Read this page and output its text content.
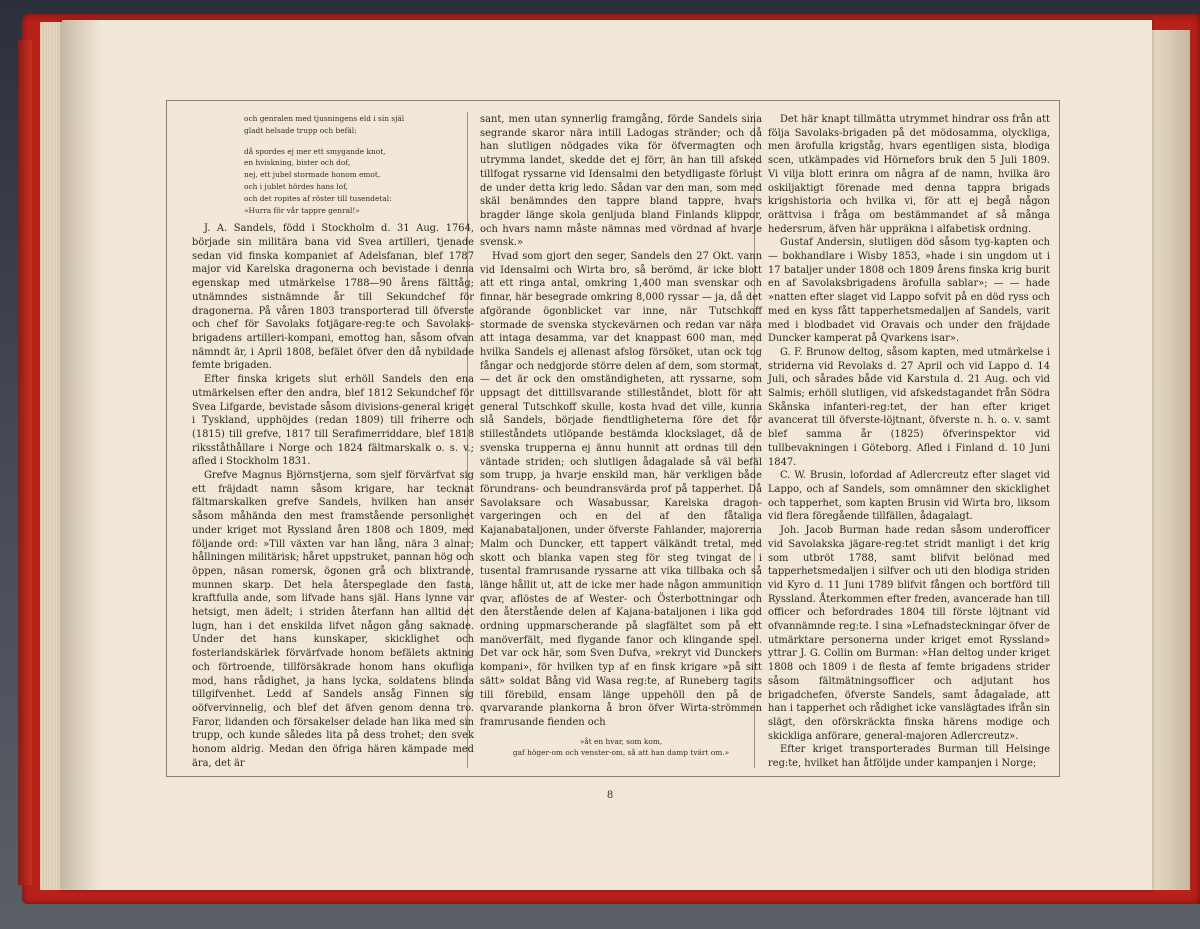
och genralen med tjusningens eld i sin själ
gladt helsade trupp och befäl;
då spordes ej mer ett smygande knot,
en hviskning, bister och dof,
nej, ett jubel stormade honom emot,
och i jublet hördes hans lof,
och det ropites af röster till tusendetal:
»Hurra för vår tappre genral!»

J. A. Sandels, född i Stockholm d. 31 Aug. 1764, började sin militära bana vid Svea artilleri, tjenade sedan vid finska kompaniet af Adelsfanan, blef 1787 major vid Karelska dragonerna och bevistade i denna egenskap med utmärkelse 1788—90 årens fälttåg; utnämndes sistnämnde år till Sekundchef för dragonerna. På våren 1803 transporterad till öfverste och chef för Savolaks fotjägare-reg:te och Savolaks-brigadens artilleri-kompani, emottog han, såsom ofvan nämndt är, i April 1808, befälet öfver den då nybildade femte brigaden.

Efter finska krigets slut erhöll Sandels den ena utmärkelsen efter den andra, blef 1812 Sekundchef för Svea Lifgarde, bevistade såsom divisions-general kriget i Tyskland, upphöjdes (redan 1809) till friherre och (1815) till grefve, 1817 till Serafimerriddare, blef 1818 riksståthållare i Norge och 1824 fältmarskalk o. s. v.; afled i Stockholm 1831.

Grefve Magnus Björnstjerna, som sjelf förvärfvat sig ett fräjdadt namn såsom krigare, har tecknat fältmarskalken grefve Sandels, hvilken han anser såsom måhända den mest framstående personlighet under kriget mot Ryssland åren 1808 och 1809, med följande ord: »Till växten var han lång, nära 3 alnar; hållningen militärisk; håret uppstruket, pannan hög och öppen, näsan romersk, ögonen grå och blixtrande, munnen skarp. Det hela återspeglade den fasta, kraftfulla ande, som lifvade hans själ. Hans lynne var hetsigt, men ädelt; i striden återfann han alltid det lugn, han i det enskilda lifvet någon gång saknade. Under det hans kunskaper, skicklighet och fosterlandskärlek förvärfvade honom befälets aktning och förtroende, tillförsäkrade honom hans okufliga mod, hans rådighet, ja hans lycka, soldatens blinda tillgifvenhet. Ledd af Sandels ansåg Finnen sig oöfvervinnelig, och blef det äfven genom denna tro. Faror, lidanden och försakelser delade han lika med sin trupp, och kunde således lita på dess trohet; den svek honom aldrig. Medan den öfriga hären kämpade med ära, det är

sant, men utan synnerlig framgång, förde Sandels sina segrande skaror nära intill Ladogas stränder; och då han slutligen nödgades vika för öfvermagten och utrymma landet, skedde det ej förr, än han till afsked tillfogat ryssarne vid Idensalmi den betydligaste förlust de under detta krig ledo. Sådan var den man, som med skäl benämndes den tappre bland tappre, hvars bragder länge skola genljuda bland Finlands klippor, och hvars namn måste nämnas med vördnad af hvarje svensk.»

Hvad som gjort den seger, Sandels den 27 Okt. vann vid Idensalmi och Wirta bro, så berömd, är icke blott att ett ringa antal, omkring 1,400 man svenskar och finnar, här besegrade omkring 8,000 ryssar — ja, då det afgörande ögonblicket var inne, när Tutschkoff stormade de svenska styckevärnen och redan var nära att intaga desamma, var det knappast 600 man, med hvilka Sandels ej allenast afslog försöket, utan ock tog fångar och nedgjorde större delen af dem, som stormat, — det är ock den omständigheten, att ryssarne, som uppsagt det dittillsvarande stilleståndet, blott för att general Tutschkoff skulle, kosta hvad det ville, kunna slå Sandels, började fiendtligheterna före det för stilleståndets utlöpande bestämda klockslaget, då de svenska trupperna ej ännu hunnit att ordnas till den väntade striden; och slutligen ådagalade så väl befäl som trupp, ja hvarje enskild man, här verkligen både förundrans- och beundransvärda prof på tapperhet. Då Savolaksare och Wasabussar, Karelska dragon-vargeringen och en del af den fåtaliga Kajanabataljonen, under öfverste Fahlander, majorerna Malm och Duncker, ett tappert välkändt tretal, med skott och blanka vapen steg för steg tvingat de i tusental framrusande ryssarne att vika tillbaka och så länge hållit ut, att de icke mer hade någon ammunition qvar, aflöstes de af Wester- och Österbottningar och den återstående delen af Kajana-bataljonen i lika god ordning uppmarscherande på slagfältet som på ett manöverfält, med flygande fanor och klingande spel. Det var ock här, som Sven Dufva, »rekryt vid Dunckers kompani», för hvilken typ af en finsk krigare »på sitt sätt» soldat Bång vid Wasa reg:te, af Runeberg tagits till förebild, ensam länge uppehöll den på de qvarvarande plankorna å bron öfver Wirta-strömmen framrusande fienden och

»åt en hvar, som kom,
gaf höger-om och venster-om, så att han damp tvärt om.»

Det här knapt tillmätta utrymmet hindrar oss från att följa Savolaks-brigaden på det mödosamma, olyckliga, men ärofulla krigståg, hvars egentligen sista, blodiga scen, utkämpades vid Hörnefors bruk den 5 Juli 1809. Vi vilja blott erinra om några af de namn, hvilka äro oskiljaktigt förenade med denna tappra brigads krigshistoria och hvilka vi, för att ej begå någon orättvisa i fråga om bestämmandet af så många hedersrum, äfven här uppräkna i alfabetisk ordning.

Gustaf Andersin, slutligen död såsom tyg-kapten och — bokhandlare i Wisby 1853, »hade i sin ungdom ut i 17 bataljer under 1808 och 1809 årens finska krig burit en af Savolaksbrigadens ärofulla sablar»; — — hade »natten efter slaget vid Lappo sofvit på en död ryss och med en kyss fått tapperhetsmedaljen af Sandels, varit med i blodbadet vid Oravais och under den fräjdade Duncker kamperat på Qvarkens isar».

G. F. Brunow deltog, såsom kapten, med utmärkelse i striderna vid Revolaks d. 27 April och vid Lappo d. 14 Juli, och sårades både vid Karstula d. 21 Aug. och vid Salmis; erhöll slutligen, vid afskedstagandet från Södra Skånska infanteri-reg:tet, der han efter kriget avancerat till öfverste-löjtnant, öfverste n. h. o. v. samt blef samma år (1825) öfverinspektor vid tullbevakningen i Göteborg. Afled i Finland d. 10 Juni 1847.

C. W. Brusin, lofordad af Adlercreutz efter slaget vid Lappo, och af Sandels, som omnämner den skicklighet och tapperhet, som kapten Brusin vid Wirta bro, liksom vid flera föregående tillfällen, ådagalagt.

Joh. Jacob Burman hade redan såsom underofficer vid Savolakska jägare-reg:tet stridt manligt i det krig som utbröt 1788, samt blifvit belönad med tapperhetsmedaljen i silfver och uti den blodiga striden vid Kyro d. 11 Juni 1789 blifvit fången och bortförd till Ryssland. Återkommen efter freden, avancerade han till officer och befordrades 1804 till förste löjtnant vid ofvannämnde reg:te. I sina »Lefnadsteckningar öfver de utmärktare personerna under kriget emot Ryssland» yttrar J. G. Collin om Burman: »Han deltog under kriget 1808 och 1809 i de flesta af femte brigadens strider såsom fältmätningsofficer och adjutant hos brigadchefen, öfverste Sandels, samt ådagalade, att han i tapperhet och rådighet icke vanslägtades ifrån sin slägt, den oförskräckta finska härens modige och skickliga anförare, general-majoren Adlercreutz».

Efter kriget transporterades Burman till Helsinge reg:te, hvilket han åtföljde under kampanjen i Norge;

8
